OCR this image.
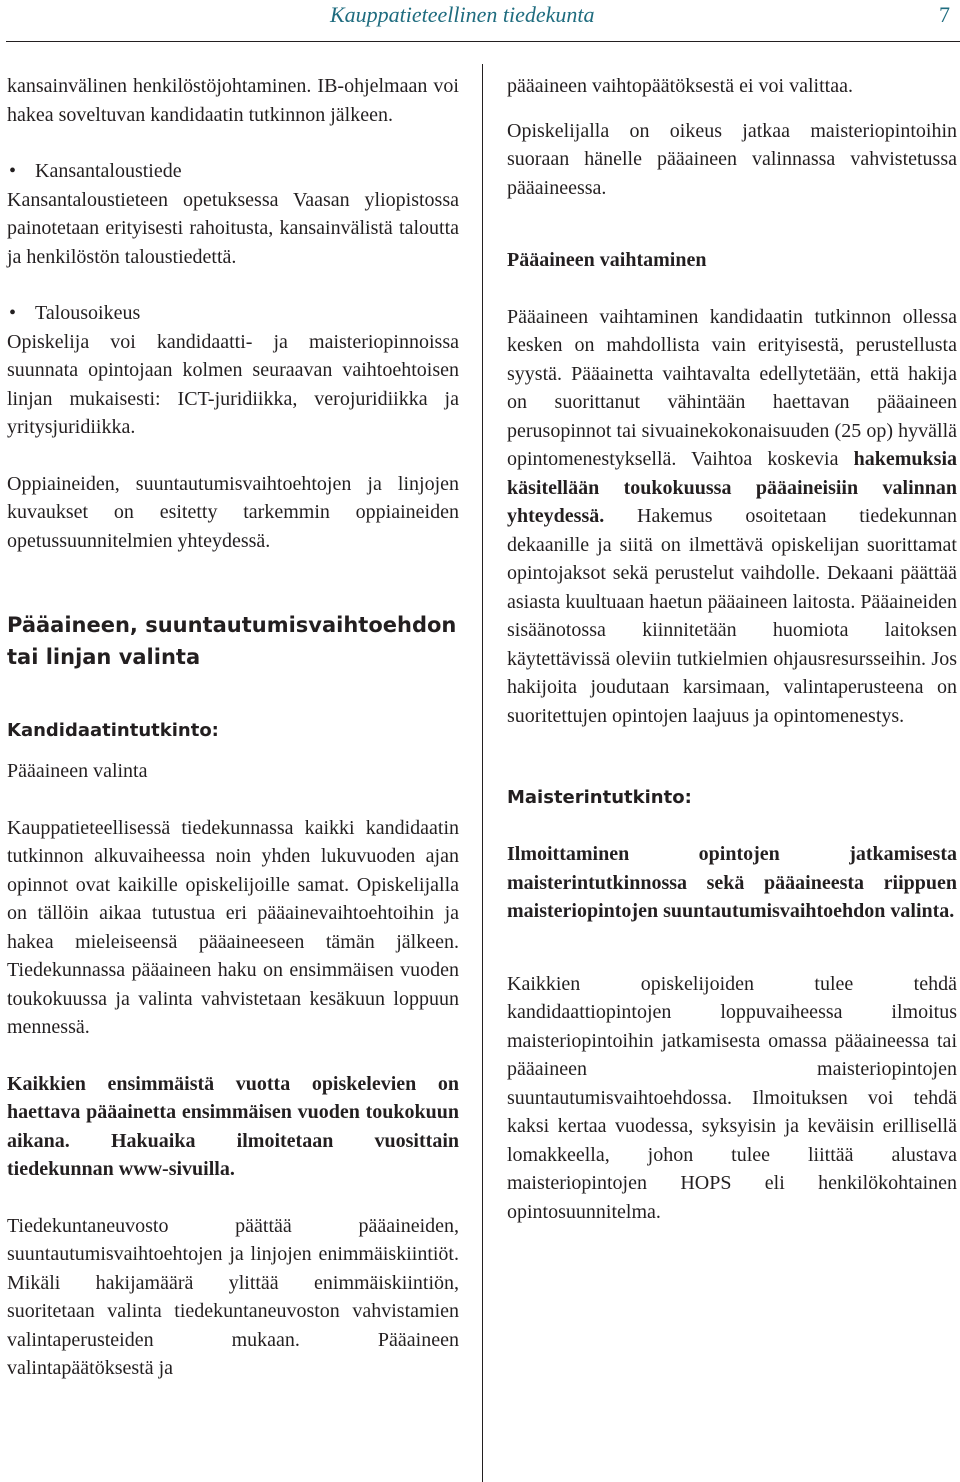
Kauppatieteellinen tiedekunta	7

kansainvälinen henkilöstöjohtaminen. IB-ohjelmaan voi hakea soveltuvan kandidaatin tutkinnon jälkeen.

• Kansantaloustiede

Kansantaloustieteen opetuksessa Vaasan yliopistossa painotetaan erityisesti rahoitusta, kansainvälistä taloutta ja henkilöstön taloustiedettä.

• Talousoikeus

Opiskelija voi kandidaatti- ja maisteriopinnoissa suunnata opintojaan kolmen seuraavan vaihtoehtoisen linjan mukaisesti: ICT-juridiikka, verojuridiikka ja yritysjuridiikka.

Oppiaineiden, suuntautumisvaihtoehtojen ja linjojen kuvaukset on esitetty tarkemmin oppiaineiden opetussuunnitelmien yhteydessä.

Pääaineen, suuntautumisvaihtoehdon tai linjan valinta
Kandidaatintutkinto:
Pääaineen valinta

Kauppatieteellisessä tiedekunnassa kaikki kandidaatin tutkinnon alkuvaiheessa noin yhden lukuvuoden ajan opinnot ovat kaikille opiskelijoille samat. Opiskelijalla on tällöin aikaa tutustua eri pääainevaihtoehtoihin ja hakea mieleiseensä pääaineeseen tämän jälkeen. Tiedekunnassa pääaineen haku on ensimmäisen vuoden toukokuussa ja valinta vahvistetaan kesäkuun loppuun mennessä.

Kaikkien ensimmäistä vuotta opiskelevien on haettava pääainetta ensimmäisen vuoden toukokuun aikana. Hakuaika ilmoitetaan vuosittain tiedekunnan www-sivuilla.

Tiedekuntaneuvosto päättää pääaineiden, suuntautumisvaihtoehtojen ja linjojen enimmäiskiintiöt. Mikäli hakijamäärä ylittää enimmäiskiintiön, suoritetaan valinta tiedekuntaneuvoston vahvistamien valintaperusteiden mukaan. Pääaineen valintapäätöksestä ja

pääaineen vaihtopäätöksestä ei voi valittaa.

Opiskelijalla on oikeus jatkaa maisteriopintoihin suoraan hänelle pääaineen valinnassa vahvistetussa pääaineessa.

Pääaineen vaihtaminen

Pääaineen vaihtaminen kandidaatin tutkinnon ollessa kesken on mahdollista vain erityisestä, perustellusta syystä. Pääainetta vaihtavalta edellytetään, että hakija on suorittanut vähintään haettavan pääaineen perusopinnot tai sivuainekokonaisuuden (25 op) hyvällä opintomenestyksellä. Vaihtoa koskevia hakemuksia käsitellään toukokuussa pääaineisiin valinnan yhteydessä. Hakemus osoitetaan tiedekunnan dekaanille ja siitä on ilmettävä opiskelijan suorittamat opintojaksot sekä perustelut vaihdolle. Dekaani päättää asiasta kuultuaan haetun pääaineen laitosta. Pääaineiden sisäänotossa kiinnitetään huomiota laitoksen käytettävissä oleviin tutkielmien ohjausresursseihin. Jos hakijoita joudutaan karsimaan, valintaperusteena on suoritettujen opintojen laajuus ja opintomenestys.

Maisterintutkinto:

Ilmoittaminen opintojen jatkamisesta maisterintutkinnossa sekä pääaineesta riippuen maisteriopintojen suuntautumisvaihtoehdon valinta.

Kaikkien opiskelijoiden tulee tehdä kandidaattiopintojen loppuvaiheessa ilmoitus maisteriopintoihin jatkamisesta omassa pääaineessa tai pääaineen maisteriopintojen suuntautumisvaihtoehdossa. Ilmoituksen voi tehdä kaksi kertaa vuodessa, syksyisin ja keväisin erillisellä lomakkeella, johon tulee liittää alustava maisteriopintojen HOPS eli henkilökohtainen opintosuunnitelma.
